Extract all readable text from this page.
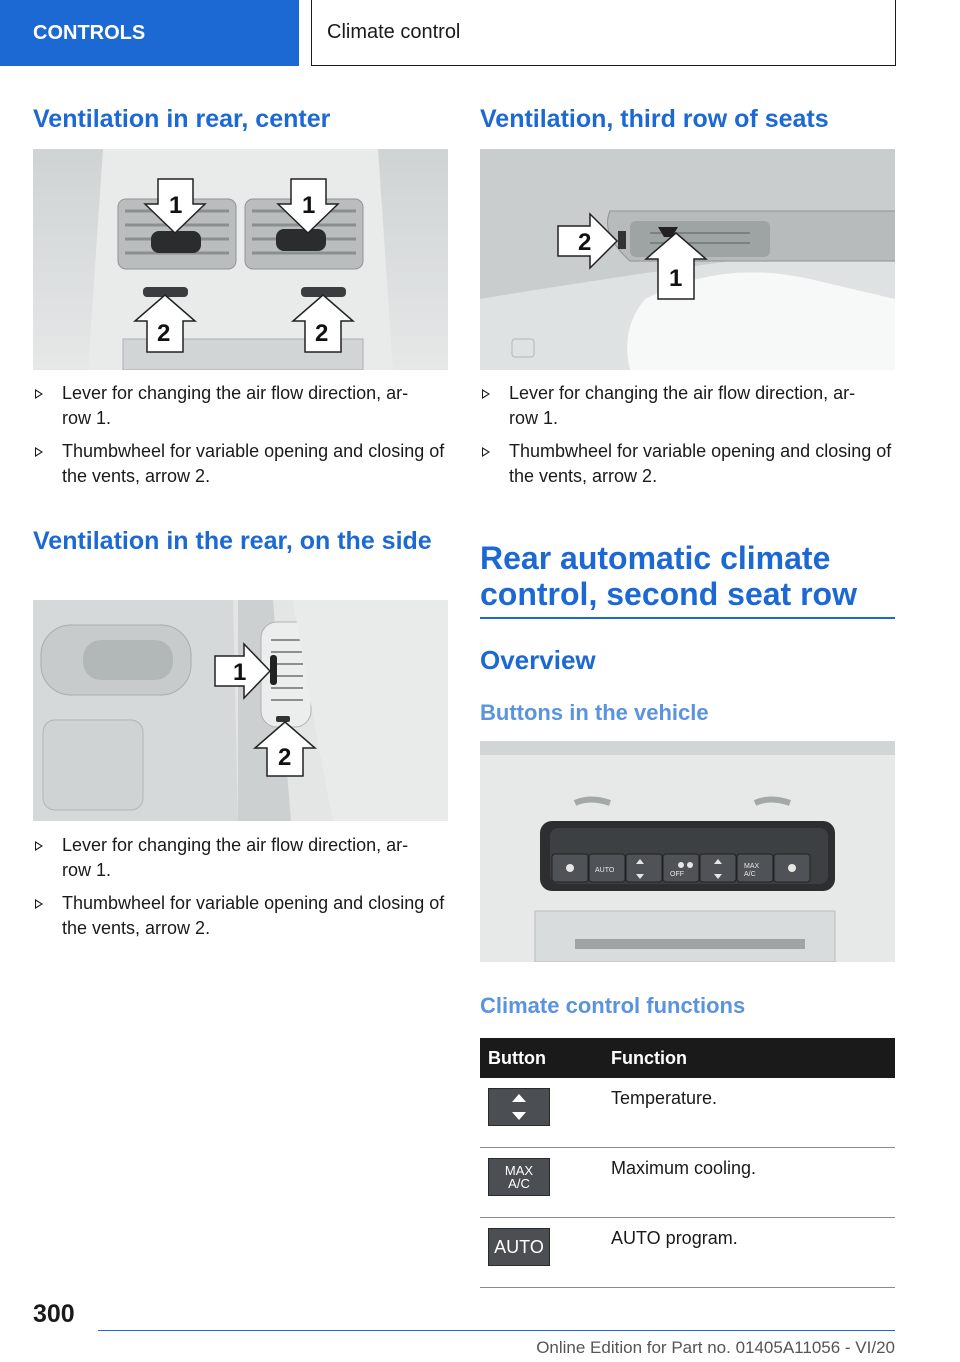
CONTROLS	Climate control
Ventilation in rear, center
1	1
2	2
Lever for changing the air flow direction, ar-
row 1.
Thumbwheel for variable opening and closing of the vents, arrow 2.
Ventilation in the rear, on the side
1
2
Lever for changing the air flow direction, ar-
row 1.
Thumbwheel for variable opening and closing of the vents, arrow 2.
Ventilation, third row of seats
2
1
Lever for changing the air flow direction, ar-
row 1.
Thumbwheel for variable opening and closing of the vents, arrow 2.
Rear automatic climate control, second seat row
Overview
Buttons in the vehicle
AUTO
MAX A/C
OFF
Climate control functions
Button	Function

	Temperature.

MAX
A/C	Maximum cooling.

AUTO	AUTO program.
300
Online Edition for Part no. 01405A11056 - VI/20
